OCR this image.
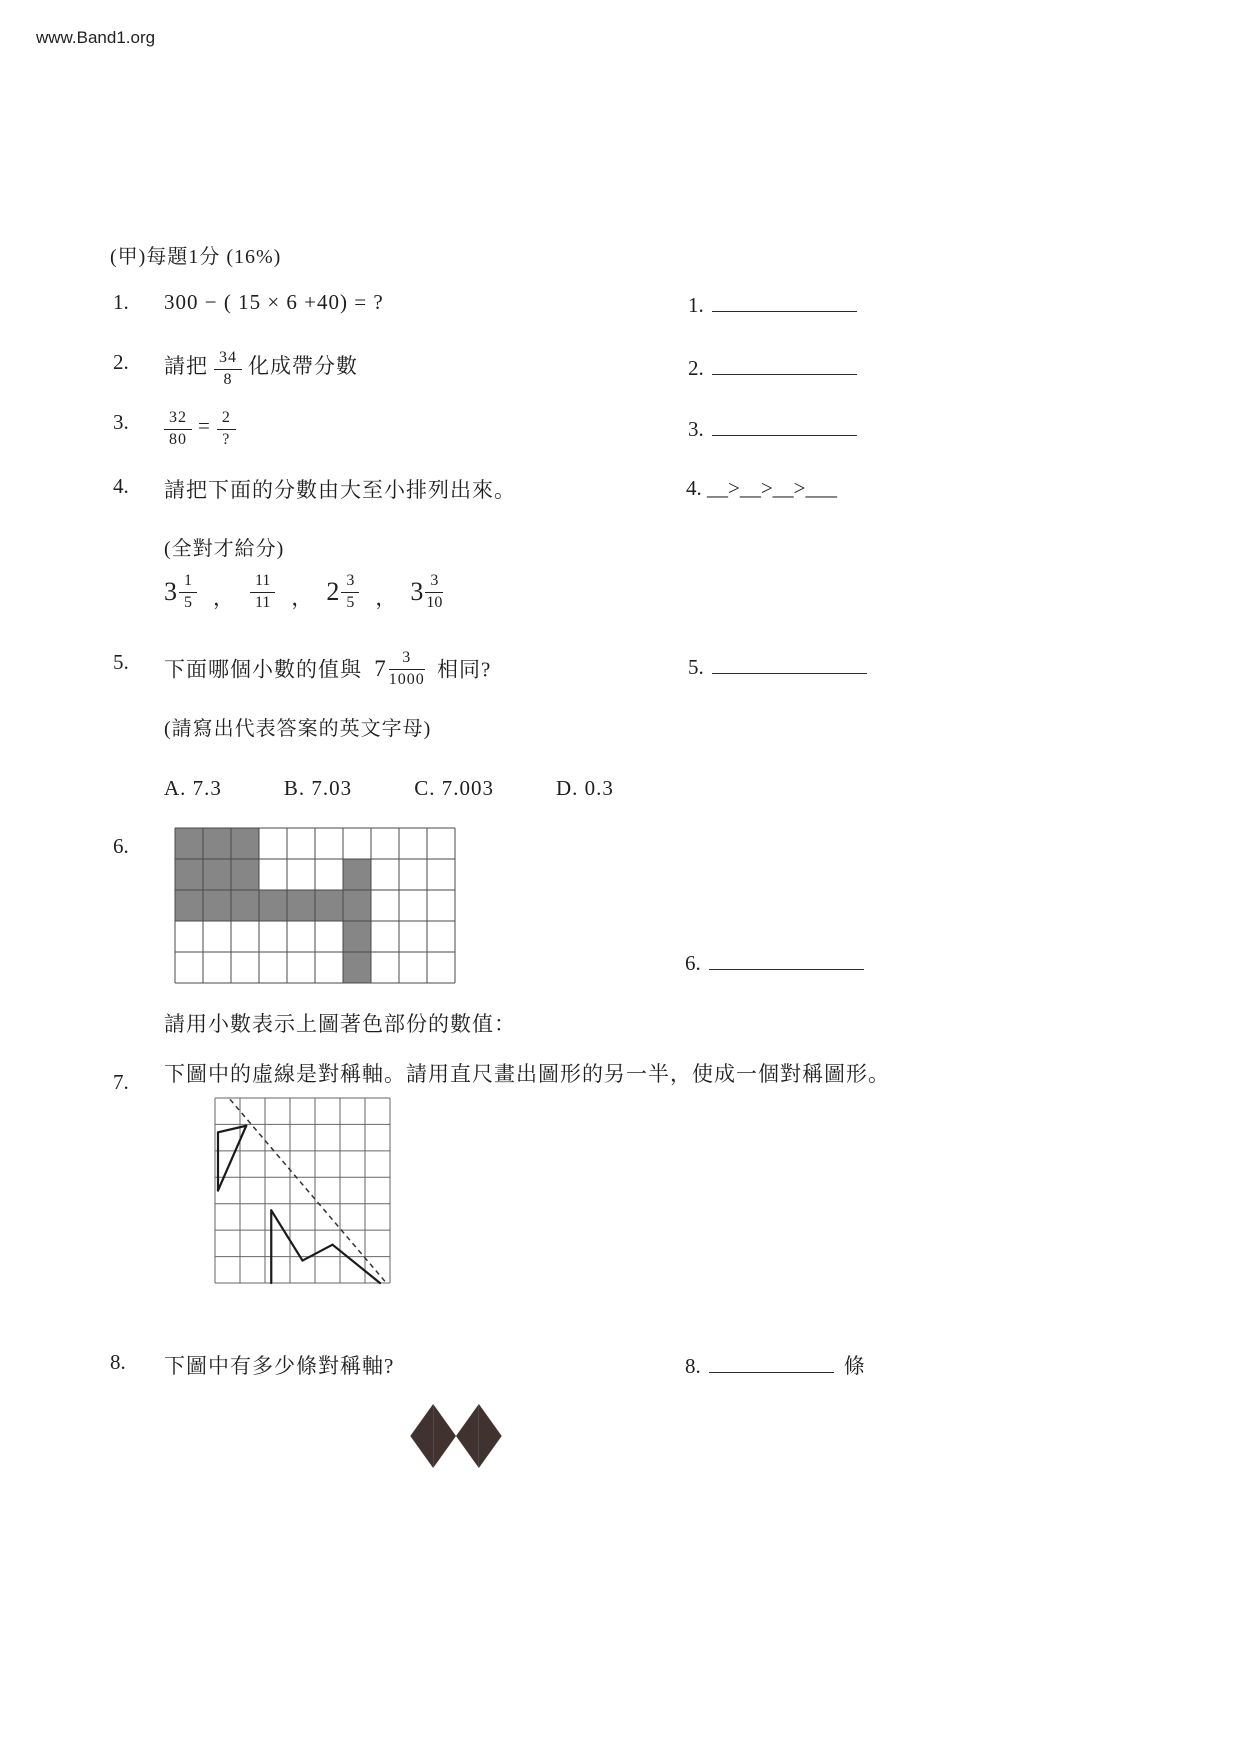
www.Band1.org
(甲)每題1分 (16%)
1. 300 − ( 15 × 6 +40) = ?	1.
2. 請把 $\frac{34}{8}$ 化成帶分數	2.
3. $\frac{32}{80} = \frac{2}{?}$	3.
4. 請把下面的分數由大至小排列出來。	4. __>__>__>___
(全對才給分)
$3 \frac{1}{5}$ ， $\frac{11}{11}$ ， $2 \frac{3}{5}$ ， $3 \frac{3}{10}$
5. 下面哪個小數的值與 $7 \frac{3}{1000}$ 相同?	5.
(請寫出代表答案的英文字母)
A. 7.3	B. 7.03	C. 7.003	D. 0.3
6.
6.
請用小數表示上圖著色部份的數值：
7. 下圖中的虛線是對稱軸。請用直尺畫出圖形的另一半，使成一個對稱圖形。
8. 下圖中有多少條對稱軸?	8.	條
